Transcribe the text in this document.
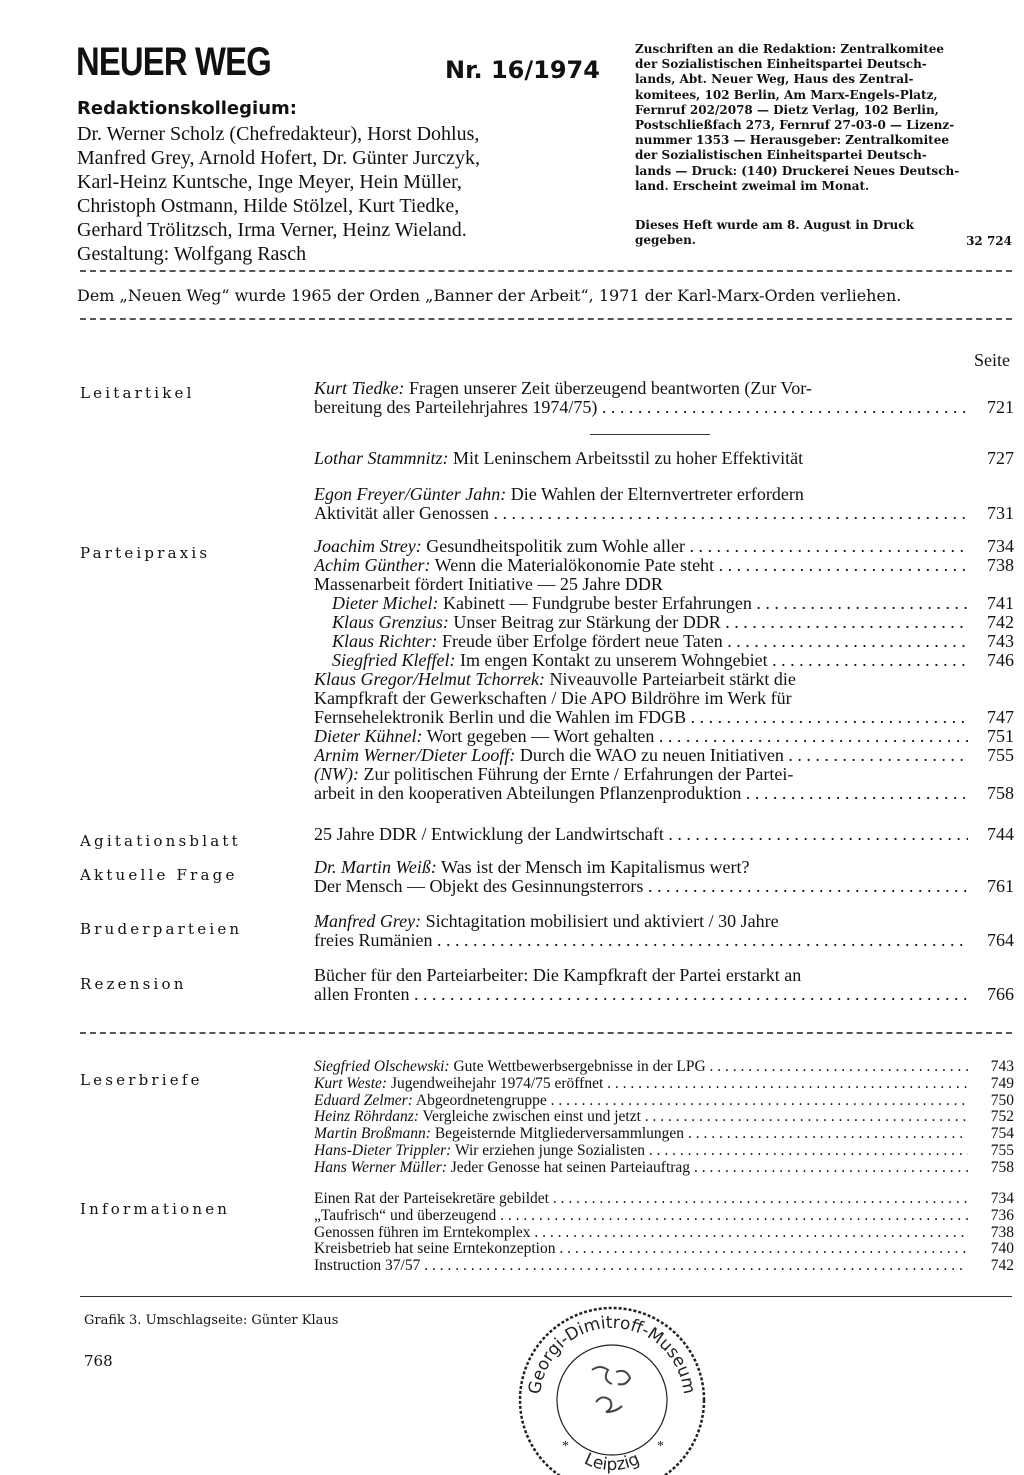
NEUER WEG	Nr. 16/1974
Redaktionskollegium:
Dr. Werner Scholz (Chefredakteur), Horst Dohlus,
Manfred Grey, Arnold Hofert, Dr. Günter Jurczyk,
Karl-Heinz Kuntsche, Inge Meyer, Hein Müller,
Christoph Ostmann, Hilde Stölzel, Kurt Tiedke,
Gerhard Trölitzsch, Irma Verner, Heinz Wieland.
Gestaltung: Wolfgang Rasch
Zuschriften an die Redaktion: Zentralkomitee
der Sozialistischen Einheitspartei Deutsch-
lands, Abt. Neuer Weg, Haus des Zentral-
komitees, 102 Berlin, Am Marx-Engels-Platz,
Fernruf 202/2078 — Dietz Verlag, 102 Berlin,
Postschließfach 273, Fernruf 27-03-0 — Lizenz-
nummer 1353 — Herausgeber: Zentralkomitee
der Sozialistischen Einheitspartei Deutsch-
lands — Druck: (140) Druckerei Neues Deutsch-
land. Erscheint zweimal im Monat.
Dieses Heft wurde am 8. August in Druck
gegeben.	32 724
Dem „Neuen Weg“ wurde 1965 der Orden „Banner der Arbeit“, 1971 der Karl-Marx-Orden verliehen.
Seite
Leitartikel	Kurt Tiedke: Fragen unserer Zeit überzeugend beantworten (Zur Vor-
bereitung des Parteilehrjahres 1974/75) . . .	721
Lothar Stammnitz: Mit Leninschem Arbeitsstil zu hoher Effektivität	727
Egon Freyer/Günter Jahn: Die Wahlen der Elternvertreter erfordern
Aktivität aller Genossen . . .	731
Parteipraxis	Joachim Strey: Gesundheitspolitik zum Wohle aller . . .	734
Achim Günther: Wenn die Materialökonomie Pate steht . . .	738
Massenarbeit fördert Initiative — 25 Jahre DDR
Dieter Michel: Kabinett — Fundgrube bester Erfahrungen . . .	741
Klaus Grenzius: Unser Beitrag zur Stärkung der DDR . . .	742
Klaus Richter: Freude über Erfolge fördert neue Taten . . .	743
Siegfried Kleffel: Im engen Kontakt zu unserem Wohngebiet . . .	746
Klaus Gregor/Helmut Tchorrek: Niveauvolle Parteiarbeit stärkt die
Kampfkraft der Gewerkschaften / Die APO Bildröhre im Werk für
Fernsehelektronik Berlin und die Wahlen im FDGB . . .	747
Dieter Kühnel: Wort gegeben — Wort gehalten . . .	751
Arnim Werner/Dieter Looff: Durch die WAO zu neuen Initiativen . . .	755
(NW): Zur politischen Führung der Ernte / Erfahrungen der Partei-
arbeit in den kooperativen Abteilungen Pflanzenproduktion . . .	758
Agitationsblatt	25 Jahre DDR / Entwicklung der Landwirtschaft . . .	744
Aktuelle Frage	Dr. Martin Weiß: Was ist der Mensch im Kapitalismus wert?
Der Mensch — Objekt des Gesinnungsterrors . . .	761
Bruderparteien	Manfred Grey: Sichtagitation mobilisiert und aktiviert / 30 Jahre
freies Rumänien . . .	764
Rezension	Bücher für den Parteiarbeiter: Die Kampfkraft der Partei erstarkt an
allen Fronten . . .	766
Leserbriefe
Siegfried Olschewski: Gute Wettbewerbsergebnisse in der LPG . . .	743
Kurt Weste: Jugendweihejahr 1974/75 eröffnet . . .	749
Eduard Zelmer: Abgeordnetengruppe . . .	750
Heinz Röhrdanz: Vergleiche zwischen einst und jetzt . . .	752
Martin Broßmann: Begeisternde Mitgliederversammlungen . . .	754
Hans-Dieter Trippler: Wir erziehen junge Sozialisten . . .	755
Hans Werner Müller: Jeder Genosse hat seinen Parteiauftrag . . .	758
Informationen
Einen Rat der Parteisekretäre gebildet . . .	734
„Taufrisch“ und überzeugend . . .	736
Genossen führen im Erntekomplex . . .	738
Kreisbetrieb hat seine Erntekonzeption . . .	740
Instruction 37/57 . . .	742
Grafik 3. Umschlagseite: Günter Klaus
768
Georgi-Dimitroff-Museum
Leipzig
*	*
